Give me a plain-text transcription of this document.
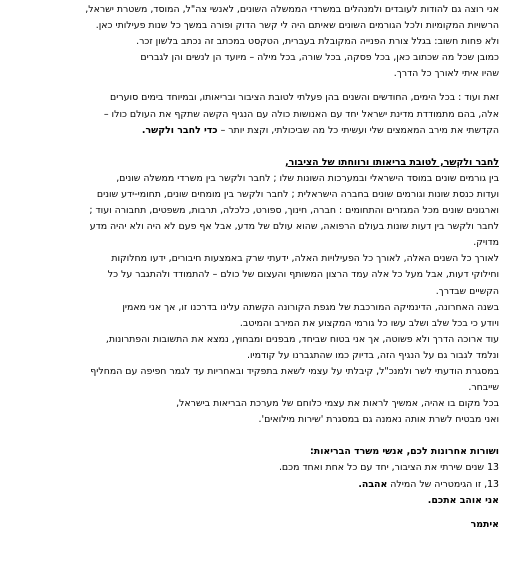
אני רוצה גם להודות לעובדים ולמנהלים במשרדי הממשלה השונים, לאנשי צה"ל, המוסד, משטרת ישראל,
הרשויות המקומיות ולכל הגורמים השונים שאיתם היה לי קשר הדוק ופורה במשך כל שנות פעילותי כאן.
ולא פחות חשוב: בגלל צורת הפנייה המקובלת בעברית, הטקסט במכתב זה נכתב בלשון זכר.
כמובן שכל מה שכתוב כאן, בכל פסקה, בכל שורה, בכל מילה – מיועד הן לנשים והן לגברים
שהיו איתי לאורך כל הדרך.
זאת ועוד : בכל הימים, החודשים והשנים בהן פעלתי לטובת הציבור ובריאותו, ובמיוחד בימים סוערים
אלה, בהם מתמודדת מדינת ישראל יחד עם האנושות כולה עם הנגיף הקשה שתקף את העולם כולו –
הקדשתי את מירב המאמצים שלי ועשיתי כל מה שביכולתי, וקצת יותר – כדי לחבר ולקשר.
לחבר ולקשר, לטובת בריאותו ורווחתו של הציבור,
בין גורמים שונים במוסד הישראלי ובמערכות השונות שלו ; לחבר ולקשר בין משרדי ממשלה שונים,
ועדות כנסת שונות וגורמים שונים בחברה הישראלית ; לחבר ולקשר בין מומחים שונים, תחומי-ידע שונים
וארגונים שונים מכל המגזרים והתחומים : חברה, חינוך, ספורט, כלכלה, תרבות, משפטים, תחבורה ועוד ;
לחבר ולקשר בין דעות שונות בעולם הרפואה, שהוא עולם של מדע, אבל אף פעם לא היה ולא יהיה מדע
מדויק.
לאורך כל השנים האלה, לאורך כל הפעילויות האלה, ידעתי שרק באמצעות חיבורים, ידעו מחלוקות
וחילוקי דעות, אבל מעל כל אלה עמד הרצון המשותף והעצום של כולם – להתמודד ולהתגבר על כל
הקשיים שבדרך.
בשנה האחרונה, הדינמיקה המורכבת של מגפת הקורונה הקשתה עלינו בדרכנו זו, אך אני מאמין
ויודע כי בכל שלב ושלב עשו כל גורמי המקצוע את המירב והמיטב.
עוד ארוכה הדרך ולא פשוטה, אך אני בטוח שביחד, מבפנים ומבחוץ, נמצא את התשובות והפתרונות,
ונלמד לגבור גם על הנגיף הזה, בדיוק כמו שהתגברנו על קודמיו.
במסגרת הודעתי לשר ולמנכ"ל, קיבלתי על עצמי לשאת בתפקיד ובאחריות עד לגמר חפיפה עם המחליף
שייבחר.
בכל מקום בו אהיה, אמשיך לראות את עצמי כלוחם של מערכת הבריאות בישראל,
ואני מבטיח לשרת אותה נאמנה גם במסגרת 'שירות מילואים'.
ושורות אחרונות לכם, אנשי משרד הבריאות:
13 שנים שירתי את הציבור, יחד עם כל אחת ואחד מכם.
13, זו הגימטריה של המילה אהבה.
אני אוהב אתכם.
איתמר
